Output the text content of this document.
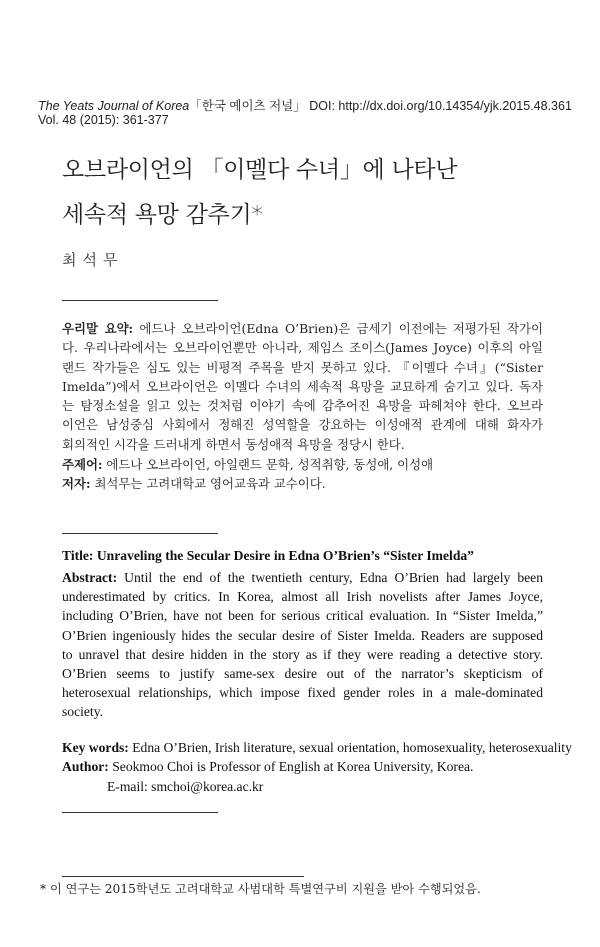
The Yeats Journal of Korea「한국 예이츠 저널」 DOI: http://dx.doi.org/10.14354/yjk.2015.48.361
Vol. 48 (2015): 361-377
오브라이언의 「이멜다 수녀」에 나타난
세속적 욕망 감추기*
최석무
우리말 요약: 에드나 오브라이언(Edna O’Brien)은 금세기 이전에는 저평가된 작가이
다. 우리나라에서는 오브라이언뿐만 아니라, 제임스 조이스(James Joyce) 이후의 아일
랜드 작가들은 심도 있는 비평적 주목을 받지 못하고 있다. 『이멜다 수녀』(“Sister
Imelda”)에서 오브라이언은 이멜다 수녀의 세속적 욕망을 교묘하게 숨기고 있다. 독자
는 탐정소설을 읽고 있는 것처럼 이야기 속에 감추어진 욕망을 파헤쳐야 한다. 오브라
이언은 남성중심 사회에서 정해진 성역할을 강요하는 이성애적 관계에 대해 화자가
회의적인 시각을 드러내게 하면서 동성애적 욕망을 정당시 한다.
주제어: 에드나 오브라이언, 아일랜드 문학, 성적취향, 동성애, 이성애
저자: 최석무는 고려대학교 영어교육과 교수이다.
Title: Unraveling the Secular Desire in Edna O’Brien’s “Sister Imelda”
Abstract: Until the end of the twentieth century, Edna O’Brien had largely been
underestimated by critics. In Korea, almost all Irish novelists after James Joyce,
including O’Brien, have not been for serious critical evaluation. In “Sister Imelda,”
O’Brien ingeniously hides the secular desire of Sister Imelda. Readers are supposed
to unravel that desire hidden in the story as if they were reading a detective story.
O’Brien seems to justify same-sex desire out of the narrator’s skepticism of
heterosexual relationships, which impose fixed gender roles in a male-dominated
society.
Key words: Edna O’Brien, Irish literature, sexual orientation, homosexuality, heterosexuality
Author: Seokmoo Choi is Professor of English at Korea University, Korea.
E-mail: smchoi@korea.ac.kr
* 이 연구는 2015학년도 고려대학교 사범대학 특별연구비 지원을 받아 수행되었음.
